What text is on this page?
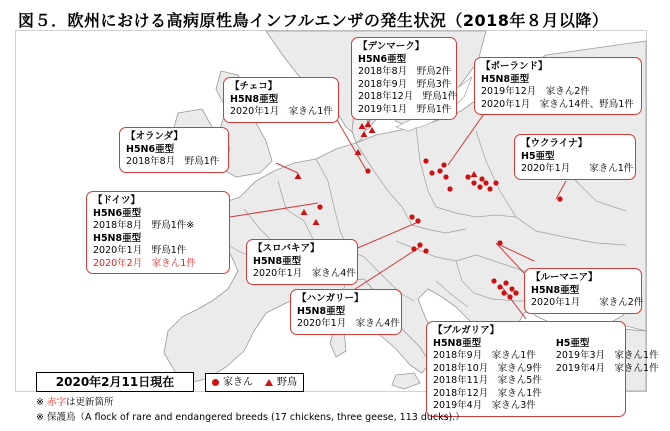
図５．欧州における高病原性鳥インフルエンザの発生状況（2018年８月以降）
【デンマーク】
H5N6亜型
2018年8月　野鳥2件
2018年9月　野鳥3件
2018年12月　野鳥1件
2019年1月　野鳥1件
【ポーランド】
H5N8亜型
2019年12月　家きん2件
2020年1月　家きん14件、野鳥1件
【チェコ】
H5N8亜型
2020年1月　家きん1件
【オランダ】
H5N6亜型
2018年8月　野鳥1件
【ウクライナ】
H5亜型
2020年1月　　家きん1件
【ドイツ】
H5N6亜型
2018年8月　野鳥1件※
H5N8亜型
2020年1月　野鳥1件
2020年2月　家きん1件
【スロバキア】
H5N8亜型
2020年1月　家きん4件
【ハンガリー】
H5N8亜型
2020年1月　家きん4件
【ルーマニア】
H5N8亜型
2020年1月　　家きん2件
【ブルガリア】
H5N8亜型
2018年9月　家きん1件
2018年10月　家きん9件
2018年11月　家きん5件
2018年12月　家きん1件
2019年4月　家きん3件
H5亜型
2019年3月　家きん1件
2019年4月　家きん1件
2020年2月11日現在	家きん 野鳥
※ 赤字は更新箇所
※ 保護鳥（A flock of rare and endangered breeds (17 chickens, three geese, 113 ducks).）
